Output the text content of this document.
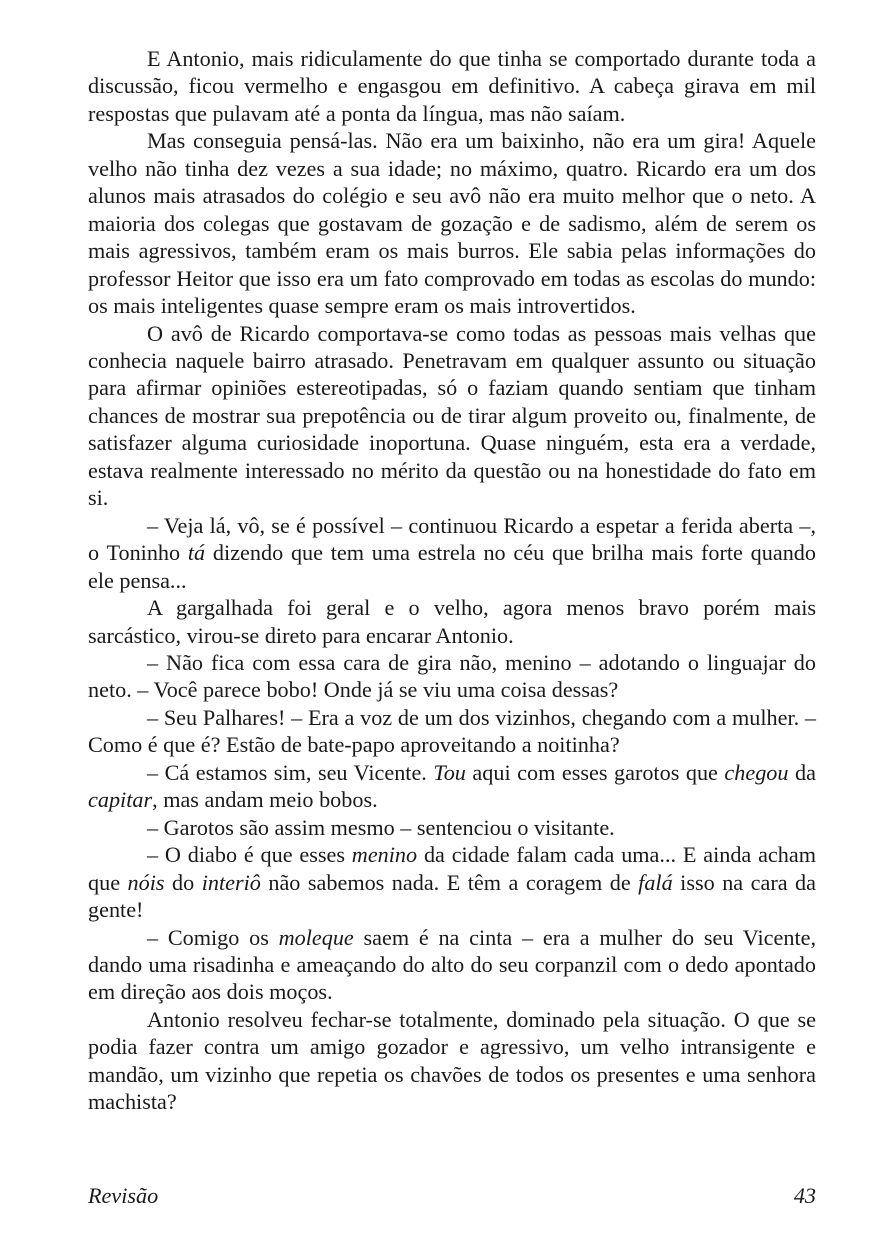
E Antonio, mais ridiculamente do que tinha se comportado durante toda a discussão, ficou vermelho e engasgou em definitivo. A cabeça girava em mil respostas que pulavam até a ponta da língua, mas não saíam.

Mas conseguia pensá-las. Não era um baixinho, não era um gira! Aquele velho não tinha dez vezes a sua idade; no máximo, quatro. Ricardo era um dos alunos mais atrasados do colégio e seu avô não era muito melhor que o neto. A maioria dos colegas que gostavam de gozação e de sadismo, além de serem os mais agressivos, também eram os mais burros. Ele sabia pelas informações do professor Heitor que isso era um fato comprovado em todas as escolas do mundo: os mais inteligentes quase sempre eram os mais introvertidos.

O avô de Ricardo comportava-se como todas as pessoas mais velhas que conhecia naquele bairro atrasado. Penetravam em qualquer assunto ou situação para afirmar opiniões estereotipadas, só o faziam quando sentiam que tinham chances de mostrar sua prepotência ou de tirar algum proveito ou, finalmente, de satisfazer alguma curiosidade inoportuna. Quase ninguém, esta era a verdade, estava realmente interessado no mérito da questão ou na honestidade do fato em si.

– Veja lá, vô, se é possível – continuou Ricardo a espetar a ferida aberta –, o Toninho tá dizendo que tem uma estrela no céu que brilha mais forte quando ele pensa...

A gargalhada foi geral e o velho, agora menos bravo porém mais sarcástico, virou-se direto para encarar Antonio.

– Não fica com essa cara de gira não, menino – adotando o linguajar do neto. – Você parece bobo! Onde já se viu uma coisa dessas?

– Seu Palhares! – Era a voz de um dos vizinhos, chegando com a mulher. – Como é que é? Estão de bate-papo aproveitando a noitinha?

– Cá estamos sim, seu Vicente. Tou aqui com esses garotos que chegou da capitar, mas andam meio bobos.

– Garotos são assim mesmo – sentenciou o visitante.

– O diabo é que esses menino da cidade falam cada uma... E ainda acham que nóis do interiô não sabemos nada. E têm a coragem de falá isso na cara da gente!

– Comigo os moleque saem é na cinta – era a mulher do seu Vicente, dando uma risadinha e ameaçando do alto do seu corpanzil com o dedo apontado em direção aos dois moços.

Antonio resolveu fechar-se totalmente, dominado pela situação. O que se podia fazer contra um amigo gozador e agressivo, um velho intransigente e mandão, um vizinho que repetia os chavões de todos os presentes e uma senhora machista?

Revisão	43
